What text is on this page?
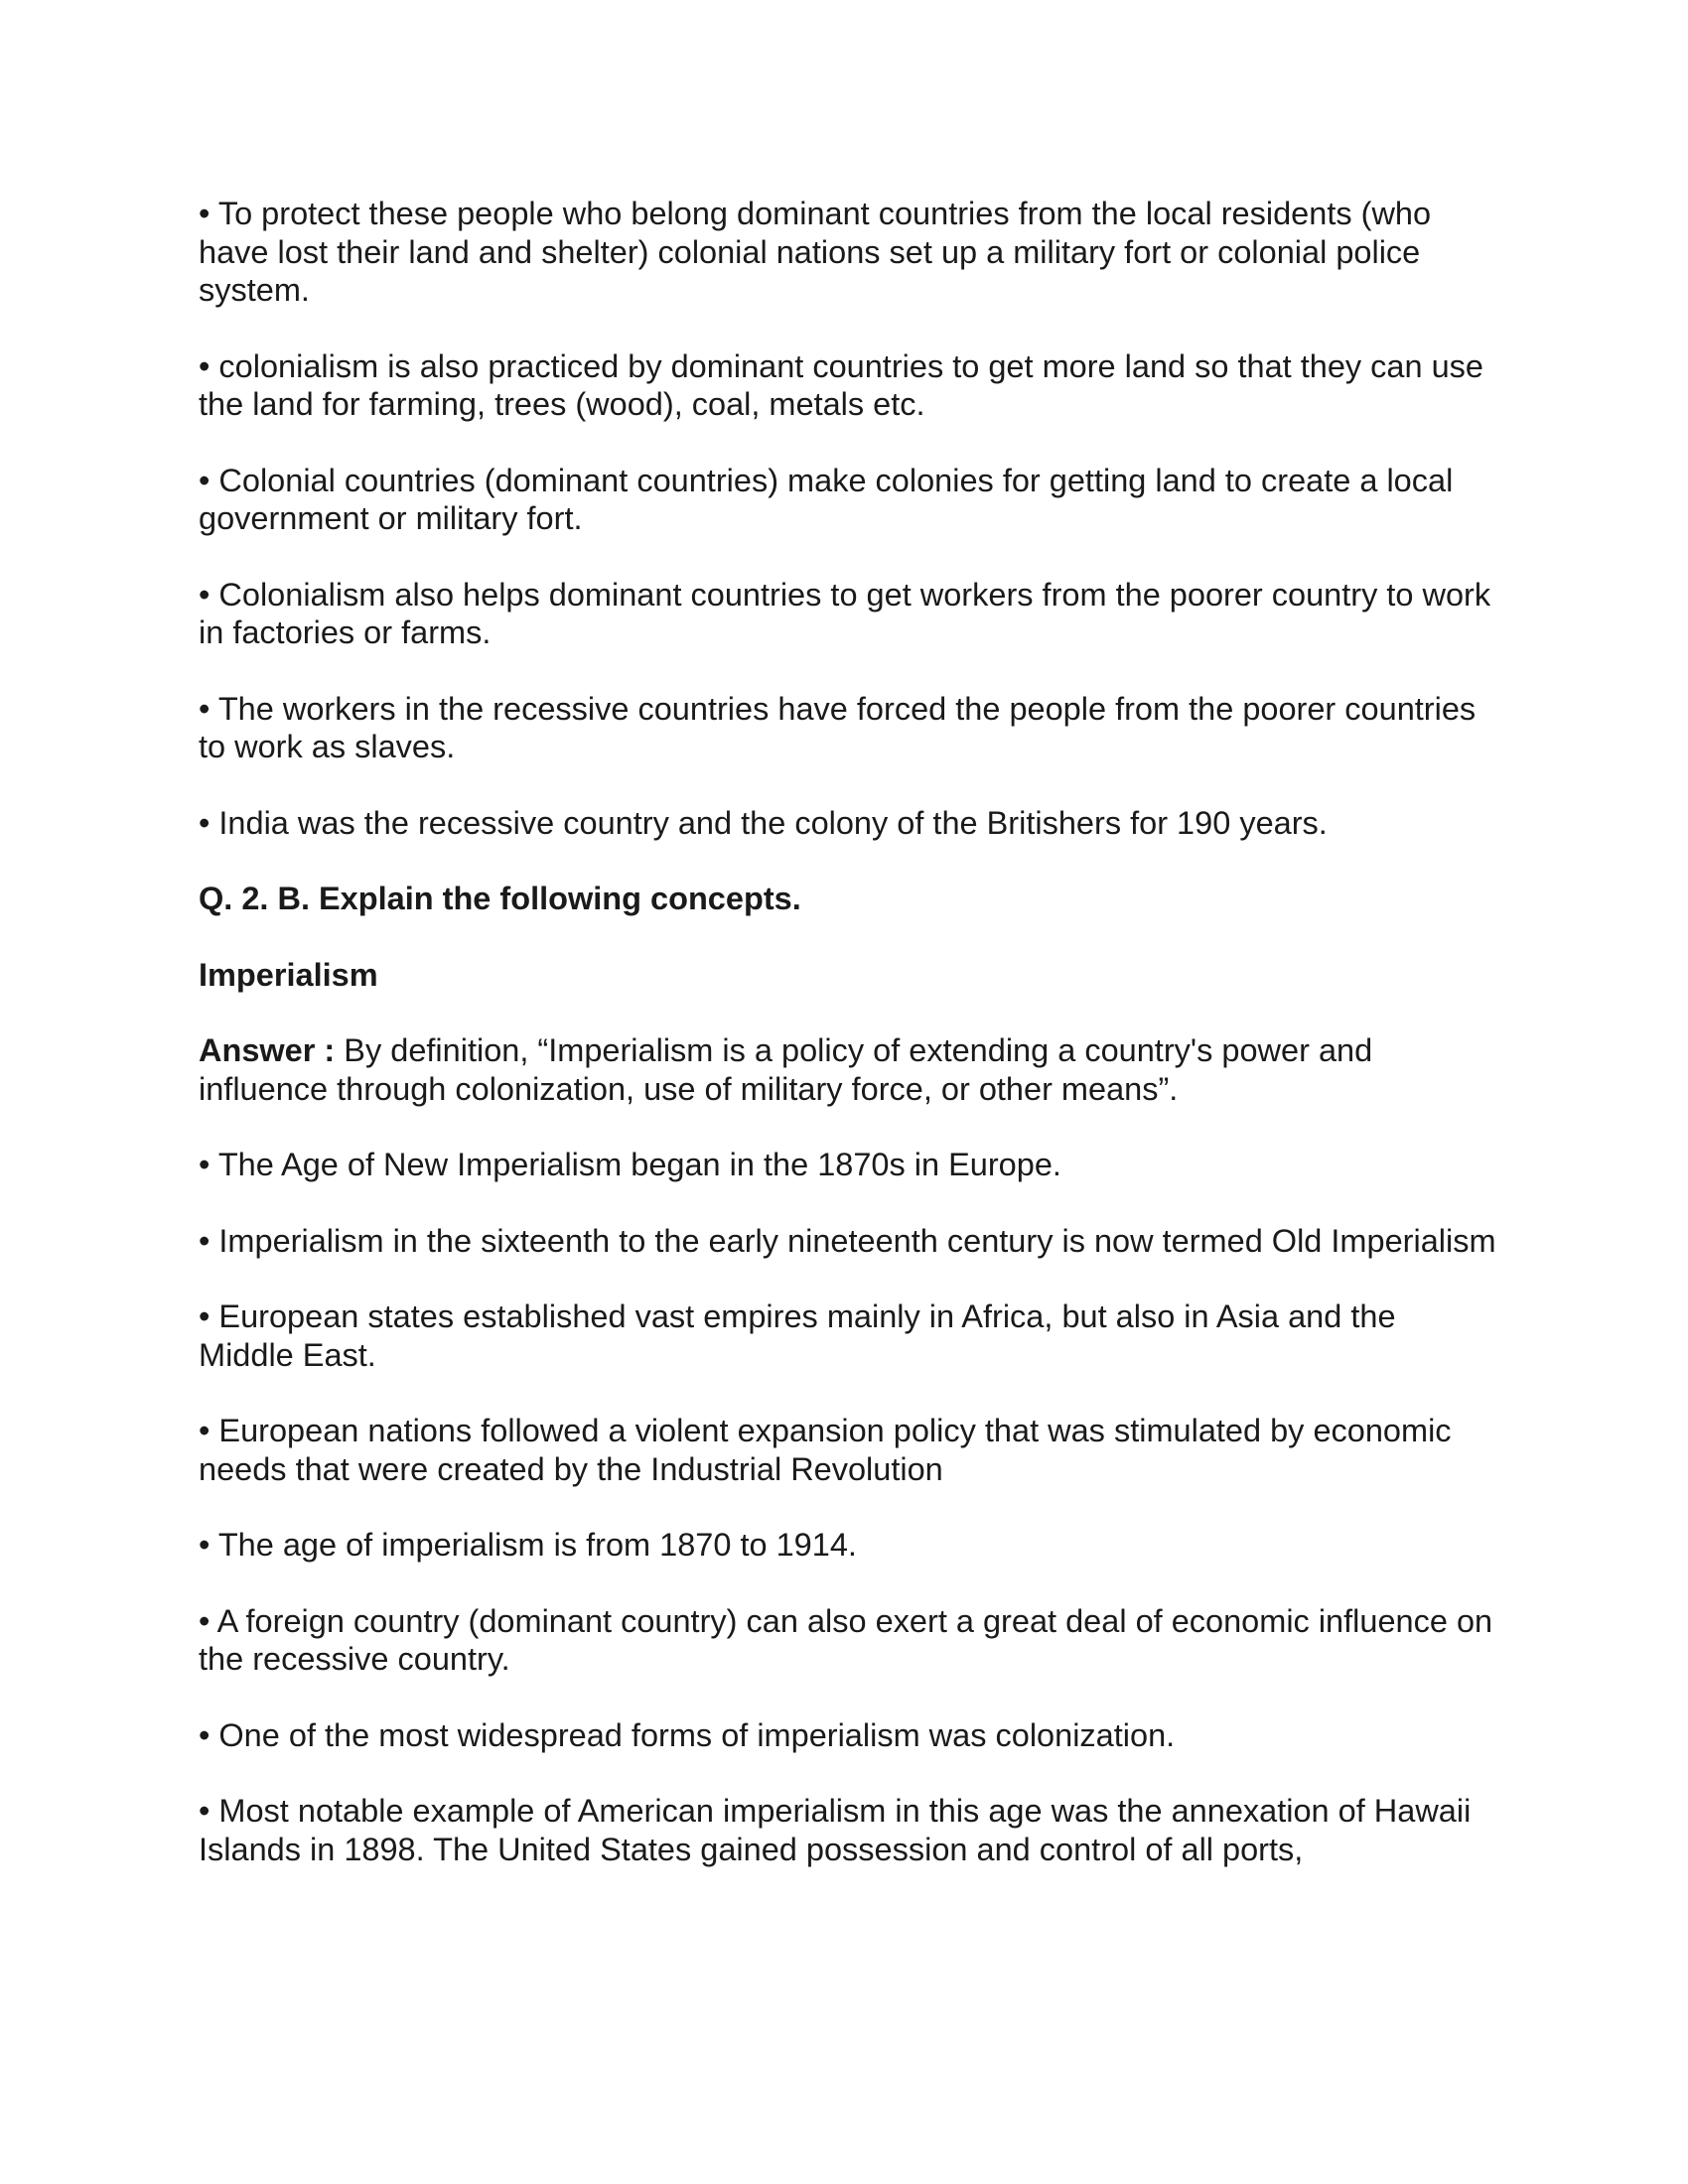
• To protect these people who belong dominant countries from the local residents (who have lost their land and shelter) colonial nations set up a military fort or colonial police system.

• colonialism is also practiced by dominant countries to get more land so that they can use the land for farming, trees (wood), coal, metals etc.

• Colonial countries (dominant countries) make colonies for getting land to create a local government or military fort.

• Colonialism also helps dominant countries to get workers from the poorer country to work in factories or farms.

• The workers in the recessive countries have forced the people from the poorer countries to work as slaves.

• India was the recessive country and the colony of the Britishers for 190 years.

Q. 2. B. Explain the following concepts.

Imperialism

Answer : By definition, “Imperialism is a policy of extending a country's power and influence through colonization, use of military force, or other means”.

• The Age of New Imperialism began in the 1870s in Europe.

• Imperialism in the sixteenth to the early nineteenth century is now termed Old Imperialism

• European states established vast empires mainly in Africa, but also in Asia and the Middle East.

• European nations followed a violent expansion policy that was stimulated by economic needs that were created by the Industrial Revolution

• The age of imperialism is from 1870 to 1914.

• A foreign country (dominant country) can also exert a great deal of economic influence on the recessive country.

• One of the most widespread forms of imperialism was colonization.

• Most notable example of American imperialism in this age was the annexation of Hawaii Islands in 1898. The United States gained possession and control of all ports,
